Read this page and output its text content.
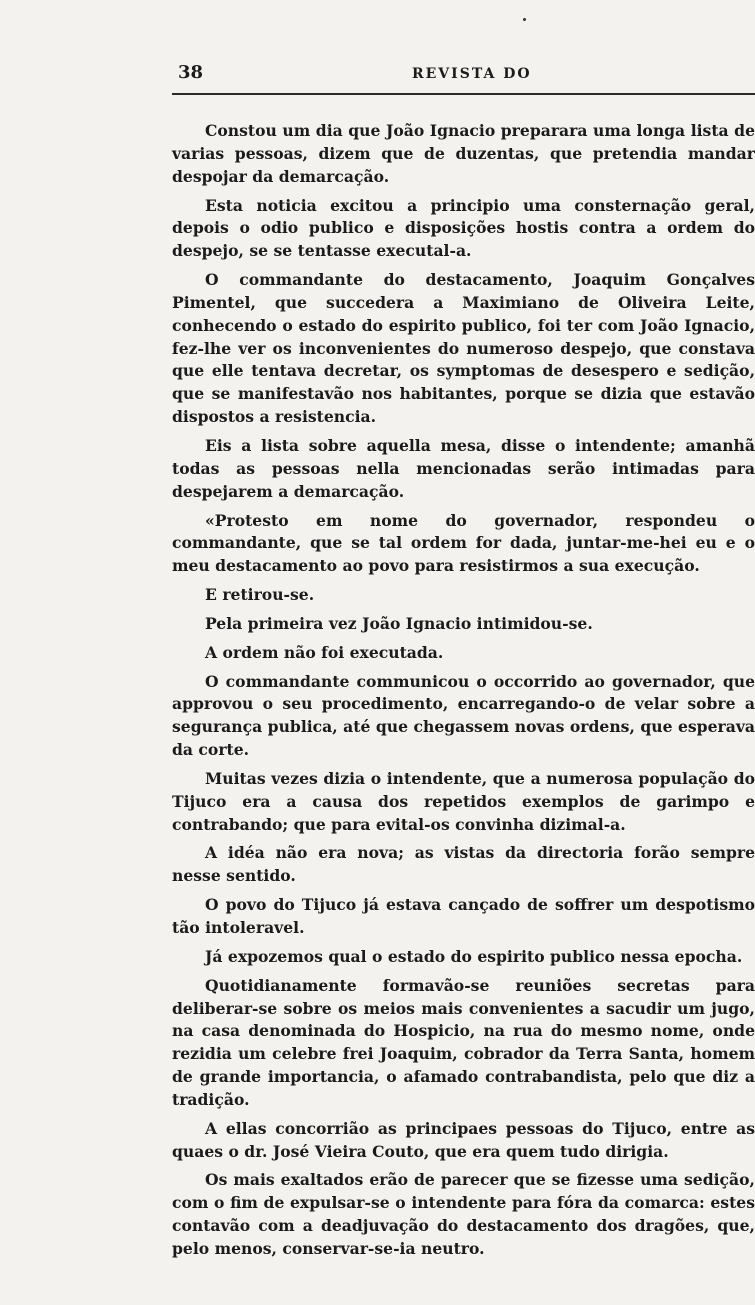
38	REVISTA DO

Constou um dia que João Ignacio preparara uma longa lista de varias pessoas, dizem que de duzentas, que pretendia mandar despojar da demarcação.

Esta noticia excitou a principio uma consternação geral, depois o odio publico e disposições hostis contra a ordem do despejo, se se tentasse executal-a.

O commandante do destacamento, Joaquim Gonçalves Pimentel, que succedera a Maximiano de Oliveira Leite, conhecendo o estado do espirito publico, foi ter com João Ignacio, fez-lhe ver os inconvenientes do numeroso despejo, que constava que elle tentava decretar, os symptomas de desespero e sedição, que se manifestavão nos habitantes, porque se dizia que estavão dispostos a resistencia.

Eis a lista sobre aquella mesa, disse o intendente; amanhã todas as pessoas nella mencionadas serão intimadas para despejarem a demarcação.

«Protesto em nome do governador, respondeu o commandante, que se tal ordem for dada, juntar-me-hei eu e o meu destacamento ao povo para resistirmos a sua execução.

E retirou-se.

Pela primeira vez João Ignacio intimidou-se.

A ordem não foi executada.

O commandante communicou o occorrido ao governador, que approvou o seu procedimento, encarregando-o de velar sobre a segurança publica, até que chegassem novas ordens, que esperava da corte.

Muitas vezes dizia o intendente, que a numerosa população do Tijuco era a causa dos repetidos exemplos de garimpo e contrabando; que para evital-os convinha dizimal-a.

A idéa não era nova; as vistas da directoria forão sempre nesse sentido.

O povo do Tijuco já estava cançado de soffrer um despotismo tão intoleravel.

Já expozemos qual o estado do espirito publico nessa epocha.

Quotidianamente formavão-se reuniões secretas para deliberar-se sobre os meios mais convenientes a sacudir um jugo, na casa denominada do Hospicio, na rua do mesmo nome, onde rezidia um celebre frei Joaquim, cobrador da Terra Santa, homem de grande importancia, o afamado contrabandista, pelo que diz a tradição.

A ellas concorrião as principaes pessoas do Tijuco, entre as quaes o dr. José Vieira Couto, que era quem tudo dirigia.

Os mais exaltados erão de parecer que se fizesse uma sedição, com o fim de expulsar-se o intendente para fóra da comarca: estes contavão com a deadjuvação do destacamento dos dragões, que, pelo menos, conservar-se-ia neutro.
